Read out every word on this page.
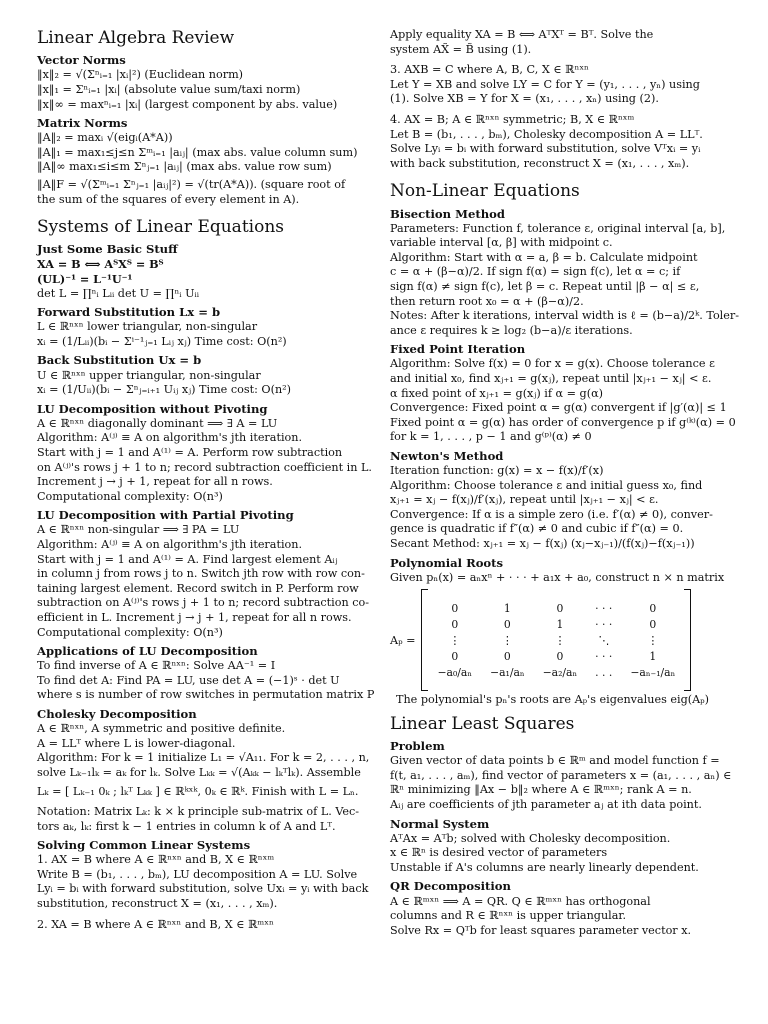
Linear Algebra Review
Vector Norms

‖x‖₂ = √(Σⁿᵢ₌₁ |xᵢ|²) (Euclidean norm)

‖x‖₁ = Σⁿᵢ₌₁ |xᵢ| (absolute value sum/taxi norm)

‖x‖∞ = maxⁿᵢ₌₁ |xᵢ| (largest component by abs. value)

Matrix Norms

‖A‖₂ = maxᵢ √(eigᵢ(A*A))

‖A‖₁ = max₁≤j≤n Σᵐᵢ₌₁ |aᵢⱼ| (max abs. value column sum)

‖A‖∞ max₁≤i≤m Σⁿⱼ₌₁ |aᵢⱼ| (max abs. value row sum)

‖A‖F = √(Σᵐᵢ₌₁ Σⁿⱼ₌₁ |aᵢⱼ|²) = √(tr(A*A)). (square root of

the sum of the squares of every element in A).

Systems of Linear Equations
Just Some Basic Stuff

XA = B ⟺ AᵀXᵀ = Bᵀ

(UL)⁻¹ = L⁻¹U⁻¹

det L = ∏ⁿᵢ Lᵢᵢ det U = ∏ⁿᵢ Uᵢᵢ

Forward Substitution Lx = b

L ∈ ℝⁿˣⁿ lower triangular, non-singular

xᵢ = (1/Lᵢᵢ)(bᵢ − Σⁱ⁻¹ⱼ₌₁ Lᵢⱼ xⱼ) Time cost: O(n²)

Back Substitution Ux = b

U ∈ ℝⁿˣⁿ upper triangular, non-singular

xᵢ = (1/Uᵢᵢ)(bᵢ − Σⁿⱼ₌ᵢ₊₁ Uᵢⱼ xⱼ) Time cost: O(n²)

LU Decomposition without Pivoting

A ∈ ℝⁿˣⁿ diagonally dominant ⟹ ∃ A = LU

Algorithm: A⁽ʲ⁾ ≡ A on algorithm's jth iteration.

Start with j = 1 and A⁽¹⁾ = A. Perform row subtraction

on A⁽ʲ⁾'s rows j + 1 to n; record subtraction coefficient in L.

Increment j → j + 1, repeat for all n rows.

Computational complexity: O(n³)

LU Decomposition with Partial Pivoting

A ∈ ℝⁿˣⁿ non-singular ⟹ ∃ PA = LU

Algorithm: A⁽ʲ⁾ ≡ A on algorithm's jth iteration.

Start with j = 1 and A⁽¹⁾ = A. Find largest element Aᵢⱼ

in column j from rows j to n. Switch jth row with row con-

taining largest element. Record switch in P. Perform row

subtraction on A⁽ʲ⁾'s rows j + 1 to n; record subtraction co-

efficient in L. Increment j → j + 1, repeat for all n rows.

Computational complexity: O(n³)

Applications of LU Decomposition

To find inverse of A ∈ ℝⁿˣⁿ: Solve AA⁻¹ = I

To find det A: Find PA = LU, use det A = (−1)ˢ · det U

where s is number of row switches in permutation matrix P

Cholesky Decomposition

A ∈ ℝⁿˣⁿ, A symmetric and positive definite.

A = LLᵀ where L is lower-diagonal.

Algorithm: For k = 1 initialize L₁ = √A₁₁. For k = 2, . . . , n,

solve Lₖ₋₁lₖ = aₖ for lₖ. Solve Lₖₖ = √(Aₖₖ − lₖᵀlₖ). Assemble

Lₖ = [ Lₖ₋₁ 0ₖ ; lₖᵀ Lₖₖ ] ∈ ℝᵏˣᵏ, 0ₖ ∈ ℝᵏ. Finish with L = Lₙ.

Notation: Matrix Lₖ: k × k principle sub-matrix of L. Vec-

tors aₖ, lₖ: first k − 1 entries in column k of A and Lᵀ.

Solving Common Linear Systems

1. AX = B where A ∈ ℝⁿˣⁿ and B, X ∈ ℝⁿˣᵐ

Write B = (b₁, . . . , bₘ), LU decomposition A = LU. Solve

Lyᵢ = bᵢ with forward substitution, solve Uxᵢ = yᵢ with back

substitution, reconstruct X = (x₁, . . . , xₘ).

2. XA = B where A ∈ ℝⁿˣⁿ and B, X ∈ ℝᵐˣⁿ

Apply equality XA = B ⟺ AᵀXᵀ = Bᵀ. Solve the

system AX̃ = B̃ using (1).

3. AXB = C where A, B, C, X ∈ ℝⁿˣⁿ

Let Y = XB and solve LY = C for Y = (y₁, . . . , yₙ) using

(1). Solve XB = Y for X = (x₁, . . . , xₙ) using (2).

4. AX = B; A ∈ ℝⁿˣⁿ symmetric; B, X ∈ ℝⁿˣᵐ

Let B = (b₁, . . . , bₘ), Cholesky decomposition A = LLᵀ.

Solve Lyᵢ = bᵢ with forward substitution, solve Vᵀxᵢ = yᵢ

with back substitution, reconstruct X = (x₁, . . . , xₘ).

Non-Linear Equations
Bisection Method

Parameters: Function f, tolerance ε, original interval [a, b],

variable interval [α, β] with midpoint c.

Algorithm: Start with α = a, β = b. Calculate midpoint

c = α + (β−α)/2. If sign f(α) = sign f(c), let α = c; if

sign f(α) ≠ sign f(c), let β = c. Repeat until |β − α| ≤ ε,

then return root x₀ = α + (β−α)/2.

Notes: After k iterations, interval width is ℓ = (b−a)/2ᵏ. Toler-

ance ε requires k ≥ log₂ (b−a)/ε iterations.

Fixed Point Iteration

Algorithm: Solve f(x) = 0 for x = g(x). Choose tolerance ε

and initial x₀, find xⱼ₊₁ = g(xⱼ), repeat until |xⱼ₊₁ − xⱼ| < ε.

α fixed point of xⱼ₊₁ = g(xⱼ) if α = g(α)

Convergence: Fixed point α = g(α) convergent if |g′(α)| ≤ 1

Fixed point α = g(α) has order of convergence p if g⁽ᵏ⁾(α) = 0

for k = 1, . . . , p − 1 and g⁽ᵖ⁾(α) ≠ 0

Newton's Method

Iteration function: g(x) = x − f(x)/f′(x)

Algorithm: Choose tolerance ε and initial guess x₀, find

xⱼ₊₁ = xⱼ − f(xⱼ)/f′(xⱼ), repeat until |xⱼ₊₁ − xⱼ| < ε.

Convergence: If α is a simple zero (i.e. f′(α) ≠ 0), conver-

gence is quadratic if f″(α) ≠ 0 and cubic if f″(α) = 0.

Secant Method: xⱼ₊₁ = xⱼ − f(xⱼ) (xⱼ−xⱼ₋₁)/(f(xⱼ)−f(xⱼ₋₁))

Polynomial Roots

Given pₙ(x) = aₙxⁿ + · · · + a₁x + a₀, construct n × n matrix

Aₚ =
0	1	0	· · ·	0
0	0	1	· · ·	0
⋮	⋮	⋮	⋱	⋮
0	0	0	· · ·	1
−a₀/aₙ	−a₁/aₙ	−a₂/aₙ	. . .	−aₙ₋₁/aₙ

The polynomial's pₙ's roots are Aₚ's eigenvalues eig(Aₚ)

Linear Least Squares
Problem

Given vector of data points b ∈ ℝᵐ and model function f =

f(t, a₁, . . . , aₘ), find vector of parameters x = (a₁, . . . , aₙ) ∈

ℝⁿ minimizing ‖Ax − b‖₂ where A ∈ ℝᵐˣⁿ; rank A = n.

Aᵢⱼ are coefficients of jth parameter aⱼ at ith data point.

Normal System

AᵀAx = Aᵀb; solved with Cholesky decomposition.

x ∈ ℝⁿ is desired vector of parameters

Unstable if A's columns are nearly linearly dependent.

QR Decomposition

A ∈ ℝᵐˣⁿ ⟹ A = QR. Q ∈ ℝᵐˣⁿ has orthogonal

columns and R ∈ ℝⁿˣⁿ is upper triangular.

Solve Rx = Qᵀb for least squares parameter vector x.
